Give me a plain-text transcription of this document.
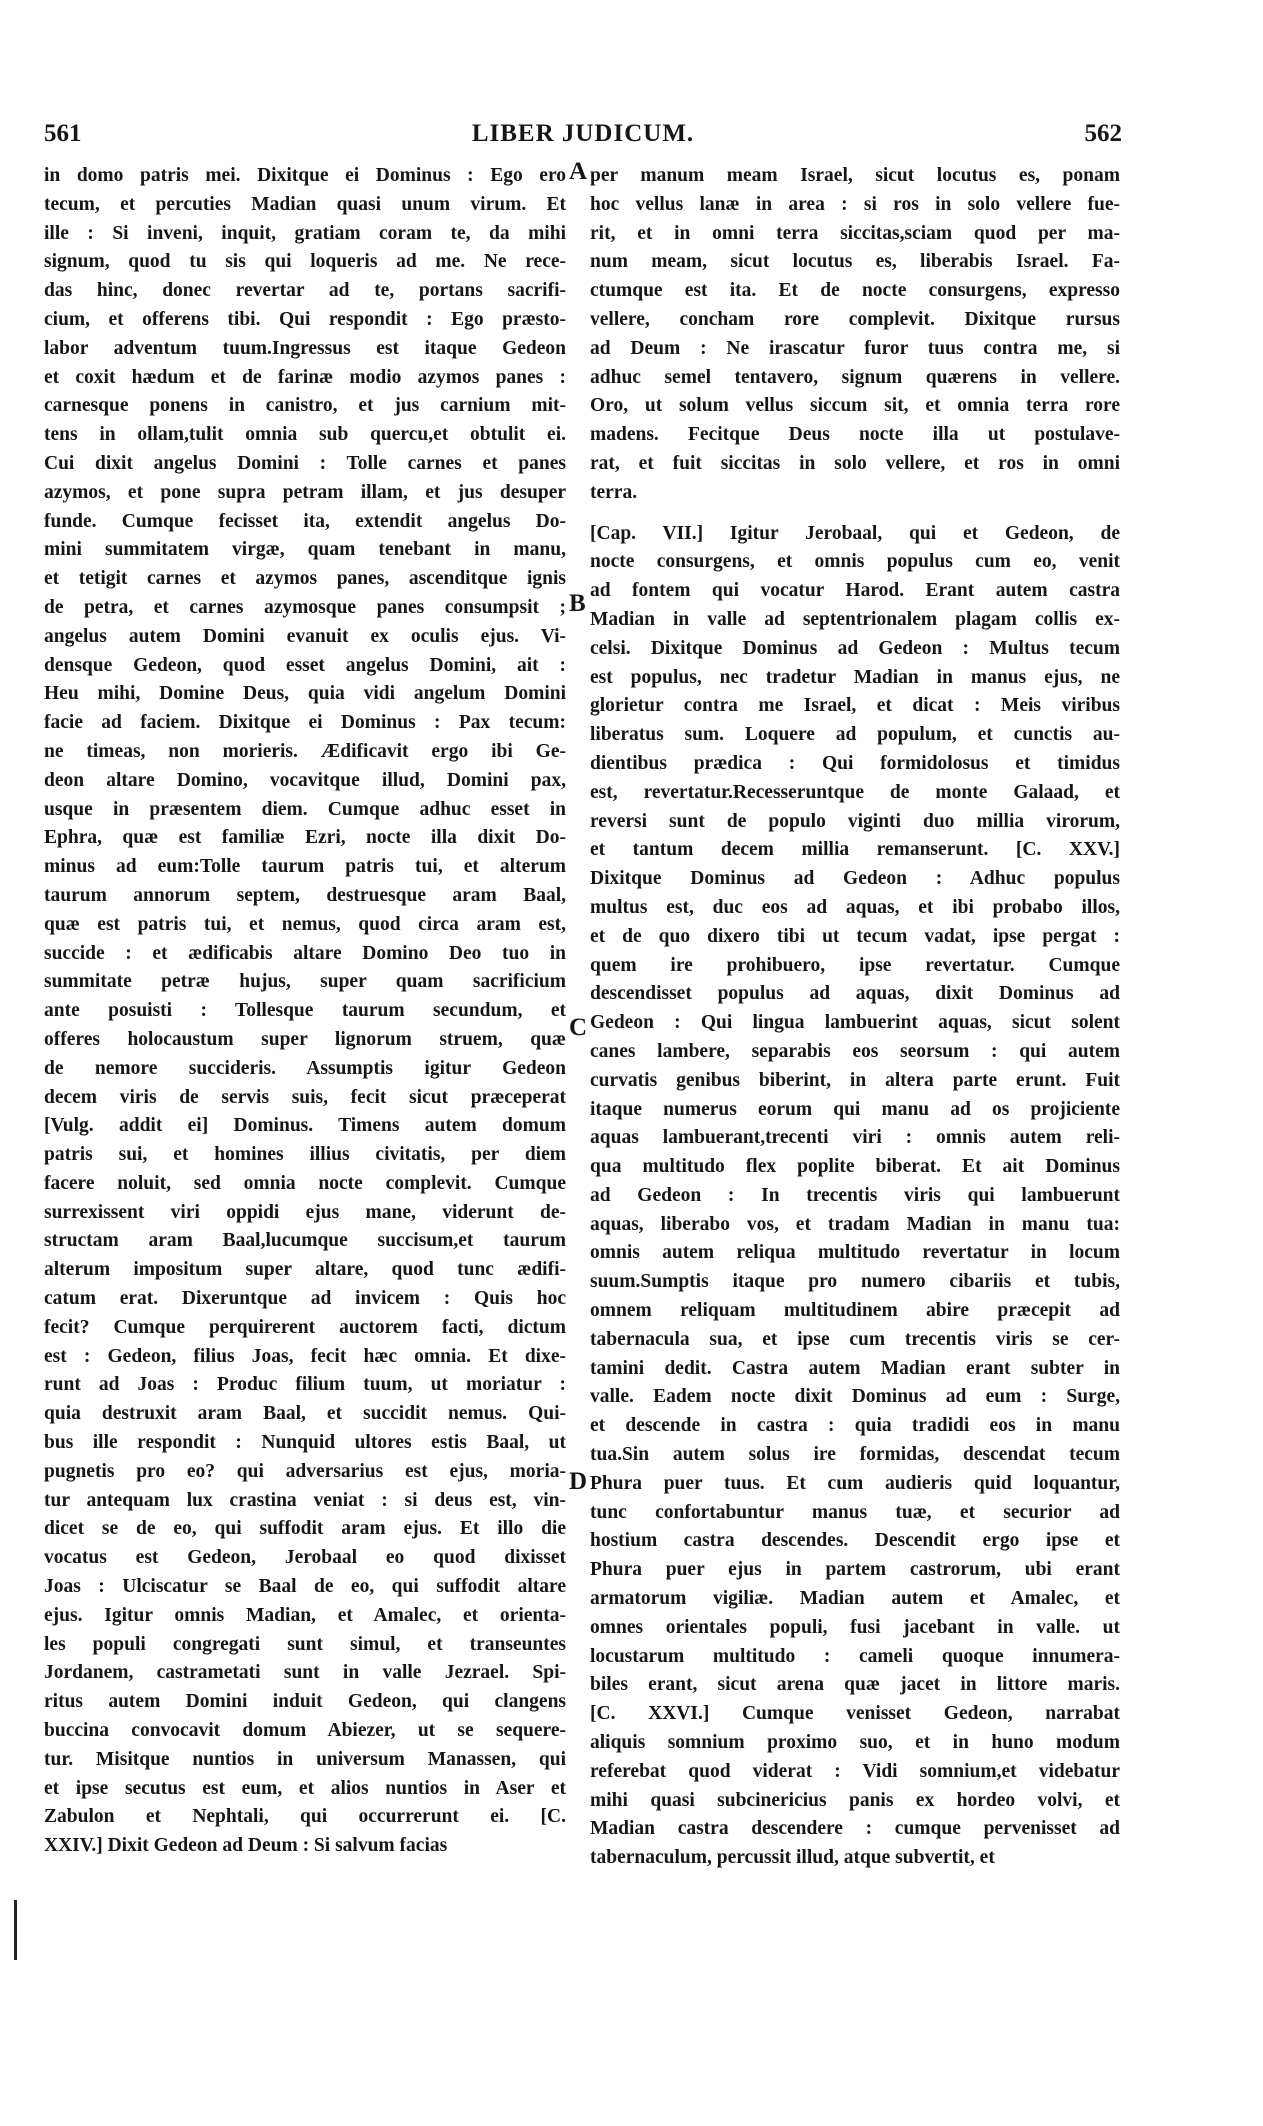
561	LIBER JUDICUM.	562
in domo patris mei. Dixitque ei Dominus : Ego ero
tecum, et percuties Madian quasi unum virum. Et
ille : Si inveni, inquit, gratiam coram te, da mihi
signum, quod tu sis qui loqueris ad me. Ne rece-
das hinc, donec revertar ad te, portans sacrifi-
cium, et offerens tibi. Qui respondit : Ego præsto-
labor adventum tuum.Ingressus est itaque Gedeon
et coxit hædum et de farinæ modio azymos panes :
carnesque ponens in canistro, et jus carnium mit-
tens in ollam,tulit omnia sub quercu,et obtulit ei.
Cui dixit angelus Domini : Tolle carnes et panes
azymos, et pone supra petram illam, et jus desuper
funde. Cumque fecisset ita, extendit angelus Do-
mini summitatem virgæ, quam tenebant in manu,
et tetigit carnes et azymos panes, ascenditque ignis
de petra, et carnes azymosque panes consumpsit ;
angelus autem Domini evanuit ex oculis ejus. Vi-
densque Gedeon, quod esset angelus Domini, ait :
Heu mihi, Domine Deus, quia vidi angelum Domini
facie ad faciem. Dixitque ei Dominus : Pax tecum:
ne timeas, non morieris. Ædificavit ergo ibi Ge-
deon altare Domino, vocavitque illud, Domini pax,
usque in præsentem diem. Cumque adhuc esset in
Ephra, quæ est familiæ Ezri, nocte illa dixit Do-
minus ad eum:Tolle taurum patris tui, et alterum
taurum annorum septem, destruesque aram Baal,
quæ est patris tui, et nemus, quod circa aram est,
succide : et ædificabis altare Domino Deo tuo in
summitate petræ hujus, super quam sacrificium
ante posuisti : Tollesque taurum secundum, et
offeres holocaustum super lignorum struem, quæ
de nemore succideris. Assumptis igitur Gedeon
decem viris de servis suis, fecit sicut præceperat
[Vulg. addit ei] Dominus. Timens autem domum
patris sui, et homines illius civitatis, per diem
facere noluit, sed omnia nocte complevit. Cumque
surrexissent viri oppidi ejus mane, viderunt de-
structam aram Baal,lucumque succisum,et taurum
alterum impositum super altare, quod tunc ædifi-
catum erat. Dixeruntque ad invicem : Quis hoc
fecit? Cumque perquirerent auctorem facti, dictum
est : Gedeon, filius Joas, fecit hæc omnia. Et dixe-
runt ad Joas : Produc filium tuum, ut moriatur :
quia destruxit aram Baal, et succidit nemus. Qui-
bus ille respondit : Nunquid ultores estis Baal, ut
pugnetis pro eo? qui adversarius est ejus, moria-
tur antequam lux crastina veniat : si deus est, vin-
dicet se de eo, qui suffodit aram ejus. Et illo die
vocatus est Gedeon, Jerobaal eo quod dixisset
Joas : Ulciscatur se Baal de eo, qui suffodit altare
ejus. Igitur omnis Madian, et Amalec, et orienta-
les populi congregati sunt simul, et transeuntes
Jordanem, castrametati sunt in valle Jezrael. Spi-
ritus autem Domini induit Gedeon, qui clangens
buccina convocavit domum Abiezer, ut se sequere-
tur. Misitque nuntios in universum Manassen, qui
et ipse secutus est eum, et alios nuntios in Aser et
Zabulon et Nephtali, qui occurrerunt ei. [C.
XXIV.] Dixit Gedeon ad Deum : Si salvum facias
per manum meam Israel, sicut locutus es, ponam
hoc vellus lanæ in area : si ros in solo vellere fue-
rit, et in omni terra siccitas,sciam quod per ma-
num meam, sicut locutus es, liberabis Israel. Fa-
ctumque est ita. Et de nocte consurgens, expresso
vellere, concham rore complevit. Dixitque rursus
ad Deum : Ne irascatur furor tuus contra me, si
adhuc semel tentavero, signum quærens in vellere.
Oro, ut solum vellus siccum sit, et omnia terra rore
madens. Fecitque Deus nocte illa ut postulave-
rat, et fuit siccitas in solo vellere, et ros in omni
terra.
[Cap. VII.] Igitur Jerobaal, qui et Gedeon, de
nocte consurgens, et omnis populus cum eo, venit
ad fontem qui vocatur Harod. Erant autem castra
Madian in valle ad septentrionalem plagam collis ex-
celsi. Dixitque Dominus ad Gedeon : Multus tecum
est populus, nec tradetur Madian in manus ejus, ne
glorietur contra me Israel, et dicat : Meis viribus
liberatus sum. Loquere ad populum, et cunctis au-
dientibus prædica : Qui formidolosus et timidus
est, revertatur.Recesseruntque de monte Galaad, et
reversi sunt de populo viginti duo millia virorum,
et tantum decem millia remanserunt. [C. XXV.]
Dixitque Dominus ad Gedeon : Adhuc populus
multus est, duc eos ad aquas, et ibi probabo illos,
et de quo dixero tibi ut tecum vadat, ipse pergat :
quem ire prohibuero, ipse revertatur. Cumque
descendisset populus ad aquas, dixit Dominus ad
Gedeon : Qui lingua lambuerint aquas, sicut solent
canes lambere, separabis eos seorsum : qui autem
curvatis genibus biberint, in altera parte erunt. Fuit
itaque numerus eorum qui manu ad os projiciente
aquas lambuerant,trecenti viri : omnis autem reli-
qua multitudo flex poplite biberat. Et ait Dominus
ad Gedeon : In trecentis viris qui lambuerunt
aquas, liberabo vos, et tradam Madian in manu tua:
omnis autem reliqua multitudo revertatur in locum
suum.Sumptis itaque pro numero cibariis et tubis,
omnem reliquam multitudinem abire præcepit ad
tabernacula sua, et ipse cum trecentis viris se cer-
tamini dedit. Castra autem Madian erant subter in
valle. Eadem nocte dixit Dominus ad eum : Surge,
et descende in castra : quia tradidi eos in manu
tua.Sin autem solus ire formidas, descendat tecum
Phura puer tuus. Et cum audieris quid loquantur,
tunc confortabuntur manus tuæ, et securior ad
hostium castra descendes. Descendit ergo ipse et
Phura puer ejus in partem castrorum, ubi erant
armatorum vigiliæ. Madian autem et Amalec, et
omnes orientales populi, fusi jacebant in valle. ut
locustarum multitudo : cameli quoque innumera-
biles erant, sicut arena quæ jacet in littore maris.
[C. XXVI.] Cumque venisset Gedeon, narrabat
aliquis somnium proximo suo, et in huno modum
referebat quod viderat : Vidi somnium,et videbatur
mihi quasi subcinericius panis ex hordeo volvi, et
Madian castra descendere : cumque pervenisset ad
tabernaculum, percussit illud, atque subvertit, et
A
B
C
D
